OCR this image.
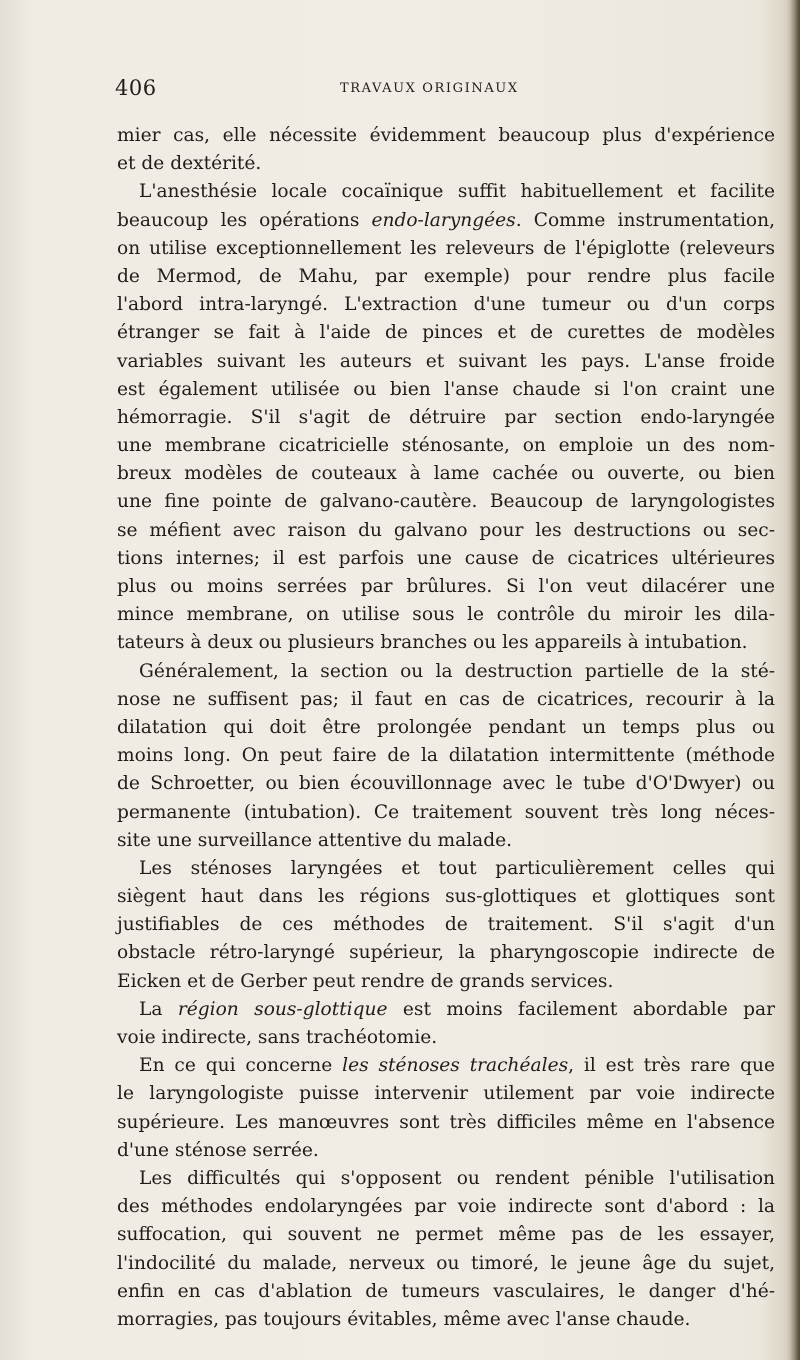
406	TRAVAUX ORIGINAUX
mier cas, elle nécessite évidemment beaucoup plus d'expérience
et de dextérité.
L'anesthésie locale cocaïnique suffit habituellement et facilite
beaucoup les opérations endo-laryngées. Comme instrumentation,
on utilise exceptionnellement les releveurs de l'épiglotte (releveurs
de Mermod, de Mahu, par exemple) pour rendre plus facile
l'abord intra-laryngé. L'extraction d'une tumeur ou d'un corps
étranger se fait à l'aide de pinces et de curettes de modèles
variables suivant les auteurs et suivant les pays. L'anse froide
est également utilisée ou bien l'anse chaude si l'on craint une
hémorragie. S'il s'agit de détruire par section endo-laryngée
une membrane cicatricielle sténosante, on emploie un des nom-
breux modèles de couteaux à lame cachée ou ouverte, ou bien
une fine pointe de galvano-cautère. Beaucoup de laryngologistes
se méfient avec raison du galvano pour les destructions ou sec-
tions internes; il est parfois une cause de cicatrices ultérieures
plus ou moins serrées par brûlures. Si l'on veut dilacérer une
mince membrane, on utilise sous le contrôle du miroir les dila-
tateurs à deux ou plusieurs branches ou les appareils à intubation.
Généralement, la section ou la destruction partielle de la sté-
nose ne suffisent pas; il faut en cas de cicatrices, recourir à la
dilatation qui doit être prolongée pendant un temps plus ou
moins long. On peut faire de la dilatation intermittente (méthode
de Schroetter, ou bien écouvillonnage avec le tube d'O'Dwyer) ou
permanente (intubation). Ce traitement souvent très long néces-
site une surveillance attentive du malade.
Les sténoses laryngées et tout particulièrement celles qui
siègent haut dans les régions sus-glottiques et glottiques sont
justifiables de ces méthodes de traitement. S'il s'agit d'un
obstacle rétro-laryngé supérieur, la pharyngoscopie indirecte de
Eicken et de Gerber peut rendre de grands services.
La région sous-glottique est moins facilement abordable par
voie indirecte, sans trachéotomie.
En ce qui concerne les sténoses trachéales, il est très rare que
le laryngologiste puisse intervenir utilement par voie indirecte
supérieure. Les manœuvres sont très difficiles même en l'absence
d'une sténose serrée.
Les difficultés qui s'opposent ou rendent pénible l'utilisation
des méthodes endolaryngées par voie indirecte sont d'abord : la
suffocation, qui souvent ne permet même pas de les essayer,
l'indocilité du malade, nerveux ou timoré, le jeune âge du sujet,
enfin en cas d'ablation de tumeurs vasculaires, le danger d'hé-
morragies, pas toujours évitables, même avec l'anse chaude.
